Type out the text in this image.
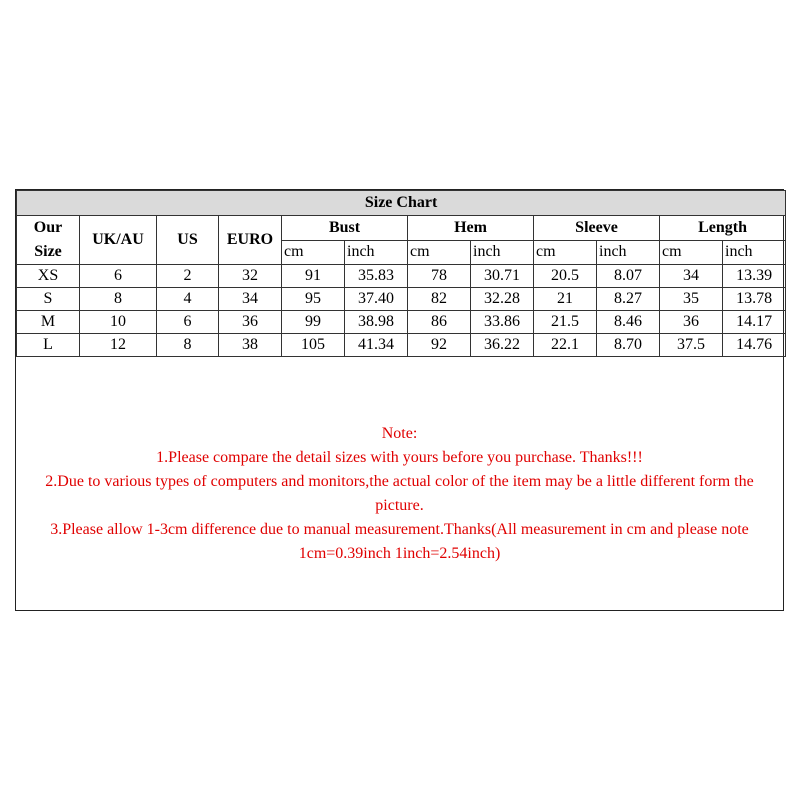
Size Chart											

Our
Size	UK/AU	US	EURO	Bust		Hem		Sleeve		Length	
				cm	inch	cm	inch	cm	inch	cm	inch
XS	6	2	32	91	35.83	78	30.71	20.5	8.07	34	13.39
S	8	4	34	95	37.40	82	32.28	21	8.27	35	13.78
M	10	6	36	99	38.98	86	33.86	21.5	8.46	36	14.17
L	12	8	38	105	41.34	92	36.22	22.1	8.70	37.5	14.76
Note:
1.Please compare the detail sizes with yours before you purchase. Thanks!!!
2.Due to various types of computers and monitors,the actual color of the item may be a little different form the picture.
3.Please allow 1-3cm difference due to manual measurement.Thanks(All measurement in cm and please note 1cm=0.39inch 1inch=2.54inch)
